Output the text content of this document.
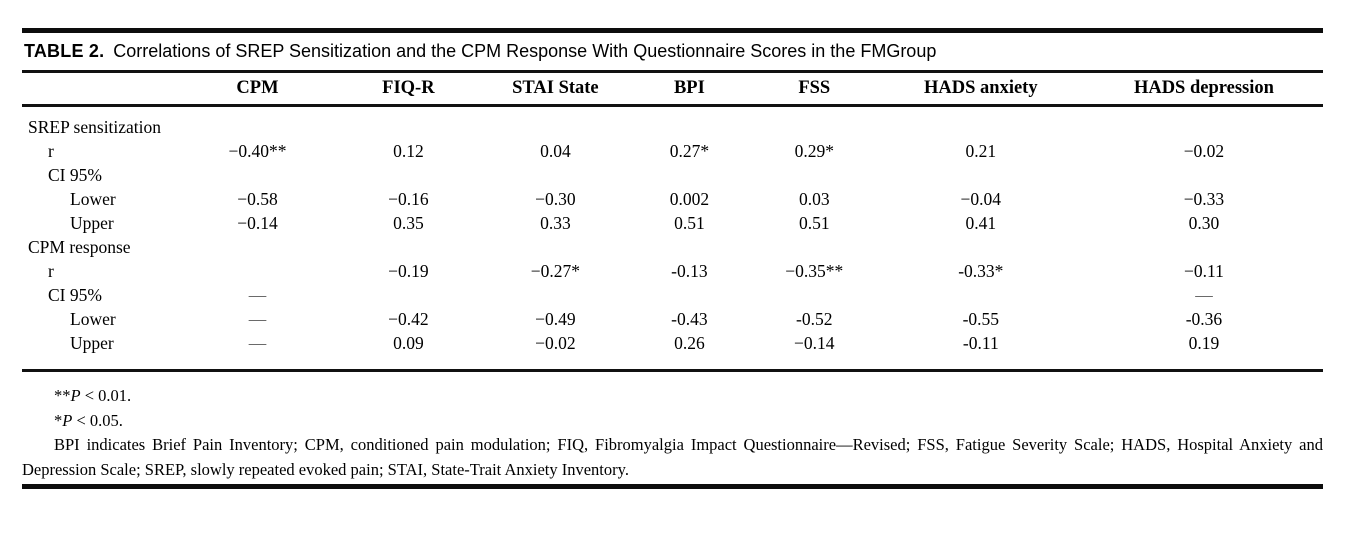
TABLE 2. Correlations of SREP Sensitization and the CPM Response With Questionnaire Scores in the FMGroup
	CPM	FIQ-R	STAI State	BPI	FSS	HADS anxiety	HADS depression
SREP sensitization							
r	−0.40**	0.12	0.04	0.27*	0.29*	0.21	−0.02
CI 95%							
Lower	−0.58	−0.16	−0.30	0.002	0.03	−0.04	−0.33
Upper	−0.14	0.35	0.33	0.51	0.51	0.41	0.30
CPM response							
r		−0.19	−0.27*	-0.13	−0.35**	-0.33*	−0.11
CI 95%	—						—
Lower	—	−0.42	−0.49	-0.43	-0.52	-0.55	-0.36
Upper	—	0.09	−0.02	0.26	−0.14	-0.11	0.19
**P < 0.01.
*P < 0.05.

BPI indicates Brief Pain Inventory; CPM, conditioned pain modulation; FIQ, Fibromyalgia Impact Questionnaire—Revised; FSS, Fatigue Severity Scale; HADS, Hospital Anxiety and Depression Scale; SREP, slowly repeated evoked pain; STAI, State-Trait Anxiety Inventory.
